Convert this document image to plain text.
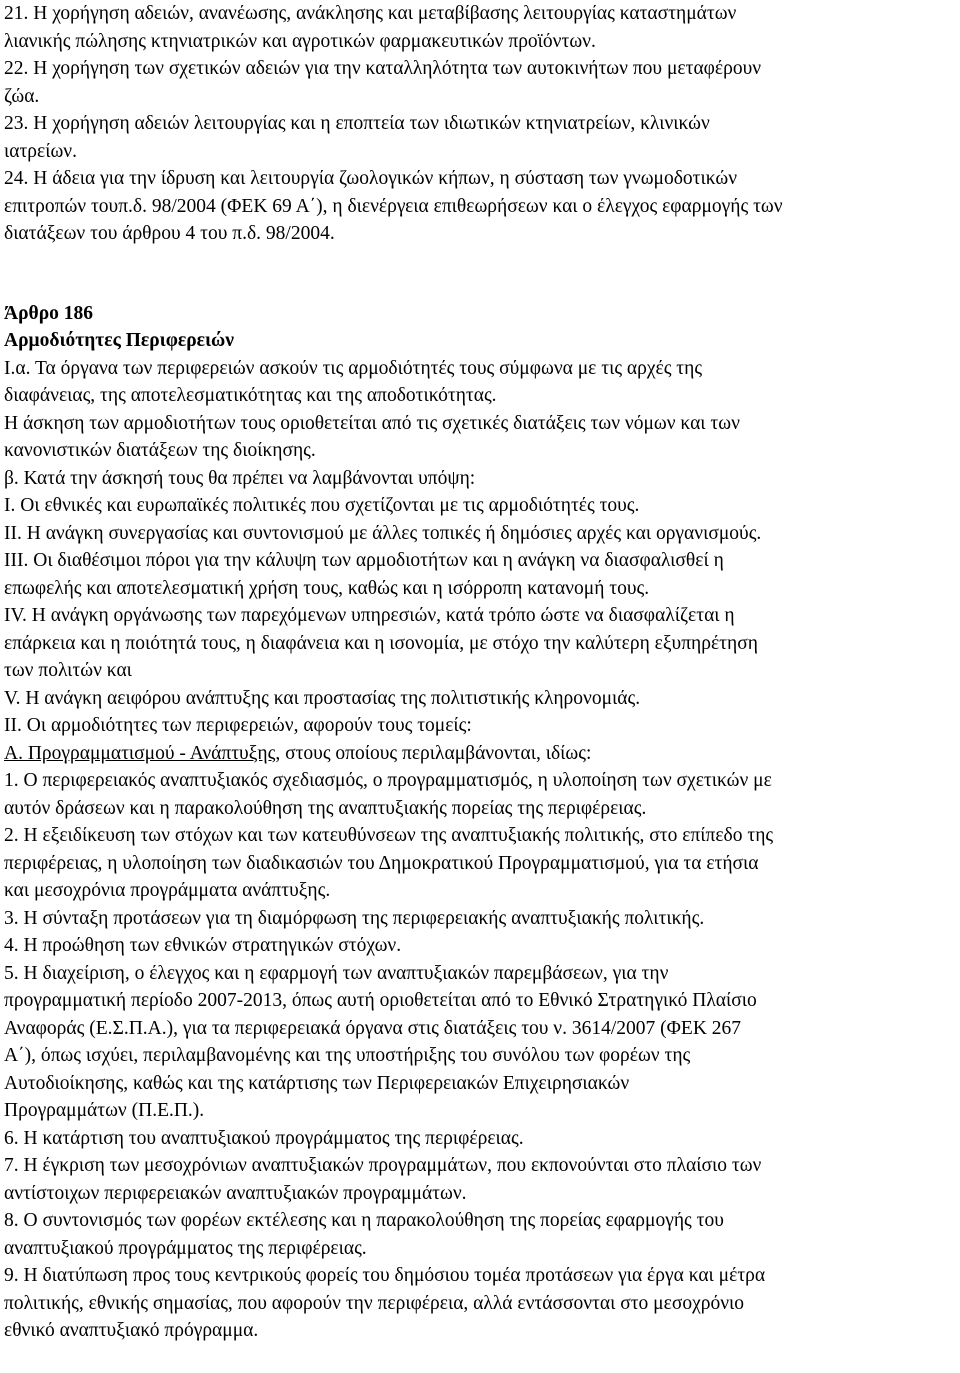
21. Η χορήγηση αδειών, ανανέωσης, ανάκλησης και μεταβίβασης λειτουργίας καταστημάτων

λιανικής πώλησης κτηνιατρικών και αγροτικών φαρμακευτικών προϊόντων.

22. Η χορήγηση των σχετικών αδειών για την καταλληλότητα των αυτοκινήτων που μεταφέρουν

ζώα.

23. Η χορήγηση αδειών λειτουργίας και η εποπτεία των ιδιωτικών κτηνιατρείων, κλινικών

ιατρείων.

24. Η άδεια για την ίδρυση και λειτουργία ζωολογικών κήπων, η σύσταση των γνωμοδοτικών

επιτροπών τουπ.δ. 98/2004 (ΦΕΚ 69 Α΄), η διενέργεια επιθεωρήσεων και ο έλεγχος εφαρμογής των

διατάξεων του άρθρου 4 του π.δ. 98/2004.

Άρθρο 186
Αρμοδιότητες Περιφερειών

I.α. Τα όργανα των περιφερειών ασκούν τις αρμοδιότητές τους σύμφωνα με τις αρχές της

διαφάνειας, της αποτελεσματικότητας και της αποδοτικότητας.

Η άσκηση των αρμοδιοτήτων τους οριοθετείται από τις σχετικές διατάξεις των νόμων και των

κανονιστικών διατάξεων της διοίκησης.

β. Κατά την άσκησή τους θα πρέπει να λαμβάνονται υπόψη:

I. Οι εθνικές και ευρωπαϊκές πολιτικές που σχετίζονται με τις αρμοδιότητές τους.

II. Η ανάγκη συνεργασίας και συντονισμού με άλλες τοπικές ή δημόσιες αρχές και οργανισμούς.

III. Οι διαθέσιμοι πόροι για την κάλυψη των αρμοδιοτήτων και η ανάγκη να διασφαλισθεί η

επωφελής και αποτελεσματική χρήση τους, καθώς και η ισόρροπη κατανομή τους.

IV. Η ανάγκη οργάνωσης των παρεχόμενων υπηρεσιών, κατά τρόπο ώστε να διασφαλίζεται η

επάρκεια και η ποιότητά τους, η διαφάνεια και η ισονομία, με στόχο την καλύτερη εξυπηρέτηση

των πολιτών και

V. Η ανάγκη αειφόρου ανάπτυξης και προστασίας της πολιτιστικής κληρονομιάς.

II. Οι αρμοδιότητες των περιφερειών, αφορούν τους τομείς:

Α. Προγραμματισμού - Ανάπτυξης, στους οποίους περιλαμβάνονται, ιδίως:

1. Ο περιφερειακός αναπτυξιακός σχεδιασμός, ο προγραμματισμός, η υλοποίηση των σχετικών με

αυτόν δράσεων και η παρακολούθηση της αναπτυξιακής πορείας της περιφέρειας.

2. Η εξειδίκευση των στόχων και των κατευθύνσεων της αναπτυξιακής πολιτικής, στο επίπεδο της

περιφέρειας, η υλοποίηση των διαδικασιών του Δημοκρατικού Προγραμματισμού, για τα ετήσια

και μεσοχρόνια προγράμματα ανάπτυξης.

3. Η σύνταξη προτάσεων για τη διαμόρφωση της περιφερειακής αναπτυξιακής πολιτικής.

4. Η προώθηση των εθνικών στρατηγικών στόχων.

5. Η διαχείριση, ο έλεγχος και η εφαρμογή των αναπτυξιακών παρεμβάσεων, για την

προγραμματική περίοδο 2007-2013, όπως αυτή οριοθετείται από το Εθνικό Στρατηγικό Πλαίσιο

Αναφοράς (Ε.Σ.Π.Α.), για τα περιφερειακά όργανα στις διατάξεις του ν. 3614/2007 (ΦΕΚ 267

Α΄), όπως ισχύει, περιλαμβανομένης και της υποστήριξης του συνόλου των φορέων της

Αυτοδιοίκησης, καθώς και της κατάρτισης των Περιφερειακών Επιχειρησιακών

Προγραμμάτων (Π.Ε.Π.).

6. Η κατάρτιση του αναπτυξιακού προγράμματος της περιφέρειας.

7. Η έγκριση των μεσοχρόνιων αναπτυξιακών προγραμμάτων, που εκπονούνται στο πλαίσιο των

αντίστοιχων περιφερειακών αναπτυξιακών προγραμμάτων.

8. Ο συντονισμός των φορέων εκτέλεσης και η παρακολούθηση της πορείας εφαρμογής του

αναπτυξιακού προγράμματος της περιφέρειας.

9. Η διατύπωση προς τους κεντρικούς φορείς του δημόσιου τομέα προτάσεων για έργα και μέτρα

πολιτικής, εθνικής σημασίας, που αφορούν την περιφέρεια, αλλά εντάσσονται στο μεσοχρόνιο

εθνικό αναπτυξιακό πρόγραμμα.
